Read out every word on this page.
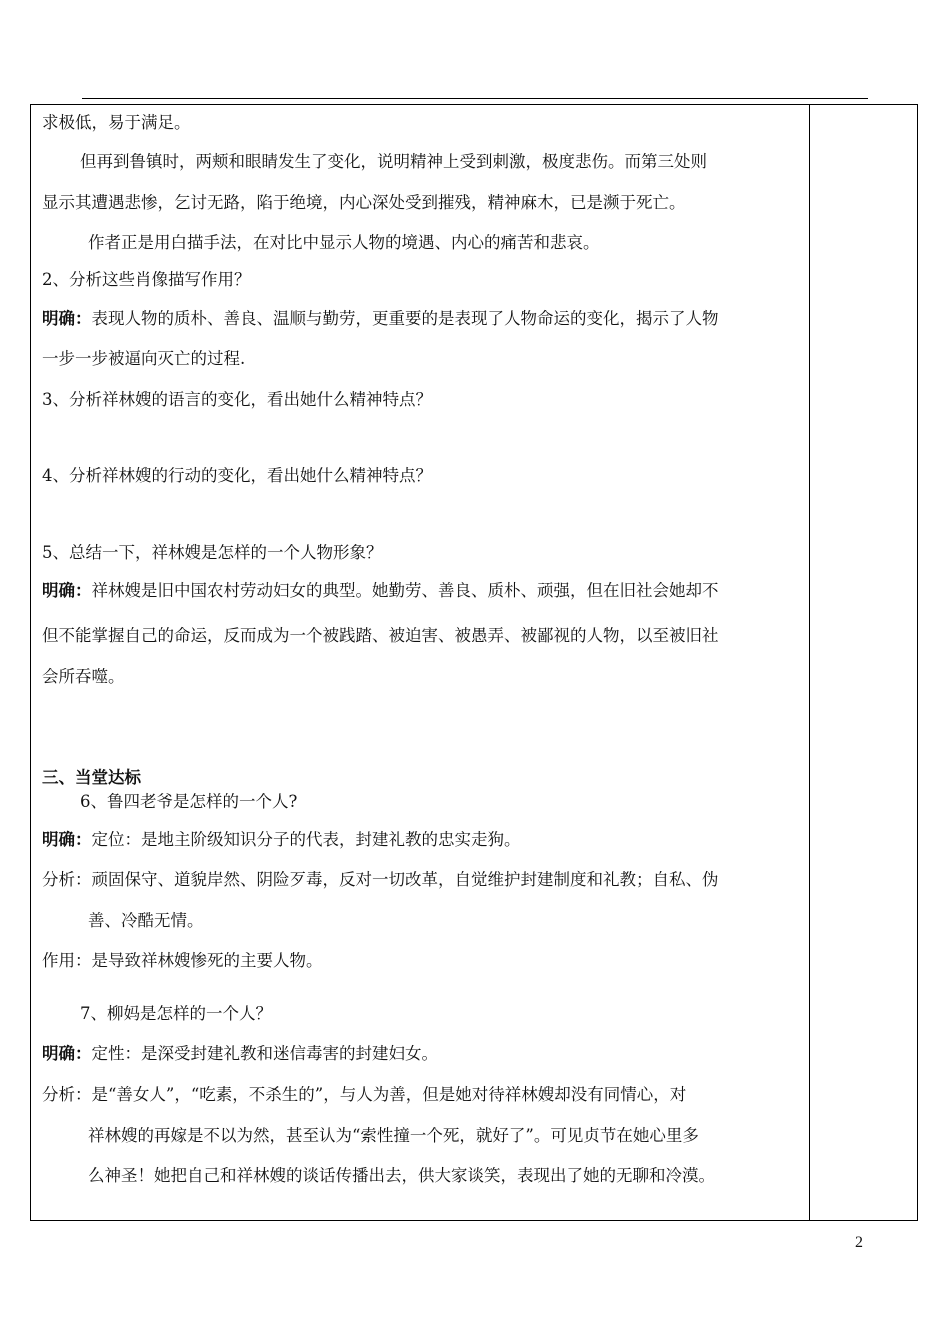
求极低，易于满足。
但再到鲁镇时，两颊和眼睛发生了变化，说明精神上受到刺激，极度悲伤。而第三处则
显示其遭遇悲惨，乞讨无路，陷于绝境，内心深处受到摧残，精神麻木，已是濒于死亡。
作者正是用白描手法，在对比中显示人物的境遇、内心的痛苦和悲哀。
2、分析这些肖像描写作用？
明确：表现人物的质朴、善良、温顺与勤劳，更重要的是表现了人物命运的变化，揭示了人物
一步一步被逼向灭亡的过程.
3、分析祥林嫂的语言的变化，看出她什么精神特点？
4、分析祥林嫂的行动的变化，看出她什么精神特点？
5、总结一下，祥林嫂是怎样的一个人物形象？
明确：祥林嫂是旧中国农村劳动妇女的典型。她勤劳、善良、质朴、顽强，但在旧社会她却不
但不能掌握自己的命运，反而成为一个被践踏、被迫害、被愚弄、被鄙视的人物，以至被旧社
会所吞噬。
三、当堂达标
6、鲁四老爷是怎样的一个人?
明确：定位：是地主阶级知识分子的代表，封建礼教的忠实走狗。
分析：顽固保守、道貌岸然、阴险歹毒，反对一切改革，自觉维护封建制度和礼教；自私、伪
善、冷酷无情。
作用：是导致祥林嫂惨死的主要人物。
7、柳妈是怎样的一个人？
明确：定性：是深受封建礼教和迷信毒害的封建妇女。
分析：是“善女人”，“吃素，不杀生的”，与人为善，但是她对待祥林嫂却没有同情心，对
祥林嫂的再嫁是不以为然，甚至认为“索性撞一个死，就好了”。可见贞节在她心里多
么神圣！她把自己和祥林嫂的谈话传播出去，供大家谈笑，表现出了她的无聊和冷漠。
2
